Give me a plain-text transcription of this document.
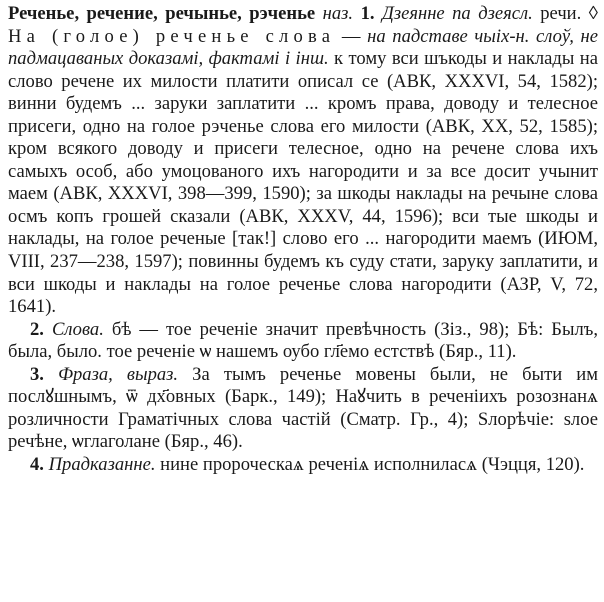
Реченье, речение, речынье, рэченье наз. 1. Дзеянне па дзеясл. речи. ◊ На (голое) реченье слова — на падставе чыіх-н. слоў, не падмацаваных доказамі, фактамі і інш. к тому вси шъкоды и наклады на слово речене их милости платити описал се (АВК, XXXVI, 54, 1582); винни будемъ ... заруки заплатити ... кромъ права, доводу и телесное присеги, одно на голое рэченье слова его милости (АВК, XX, 52, 1585); кром всякого доводу и присеги телесное, одно на речене слова ихъ самыхъ особ, або умоцованого ихъ нагородити и за все досит учынит маем (АВК, XXXVI, 398—399, 1590); за шкоды наклады на речыне слова осмъ копъ грошей сказали (АВК, XXXV, 44, 1596); вси тые шкоды и наклады, на голое реченые [так!] слово его ... нагородити маемъ (ИЮМ, VIII, 237—238, 1597); повинны будемъ къ суду стати, заруку заплатити, и вси шкоды и наклады на голое реченье слова нагородити (АЗР, V, 72, 1641).

2. Слова. бѣ — тое реченiе значит превѣчность (Зіз., 98); Бѣ: Былъ, была, было. тое реченiе ѡ нашемъ оубо гл҃емо естствѣ (Бяр., 11).

3. Фраза, выраз. За тымъ реченье мовены были, не быти им послꙋшнымъ, ѿ дх҃овных (Барк., 149); Наꙋчить в реченiихъ розознанѧ розличности Граматiчных слова частiй (Сматр. Гр., 4); Ѕлорѣчiе: ѕлое речѣнe, ѡглаголане (Бяр., 46).

4. Прадказанне. нине пророческаѧ реченiѧ исполниласѧ (Чэцця, 120).
